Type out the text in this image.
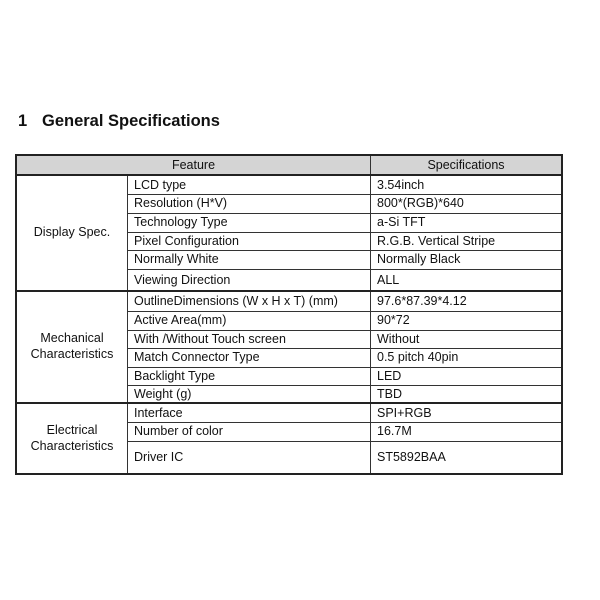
1 General Specifications
Feature		Specifications
Display Spec.	LCD type	3.54inch
	Resolution (H*V)	800*(RGB)*640
	Technology Type	a-Si TFT
	Pixel Configuration	R.G.B. Vertical Stripe
	Normally White	Normally Black
	Viewing Direction	ALL
Mechanical Characteristics	OutlineDimensions (W x H x T) (mm)	97.6*87.39*4.12
	Active Area(mm)	90*72
	With /Without Touch screen	Without
	Match Connector Type	0.5 pitch 40pin
	Backlight Type	LED
	Weight (g)	TBD
Electrical Characteristics	Interface	SPI+RGB
	Number of color	16.7M
	Driver IC	ST5892BAA
